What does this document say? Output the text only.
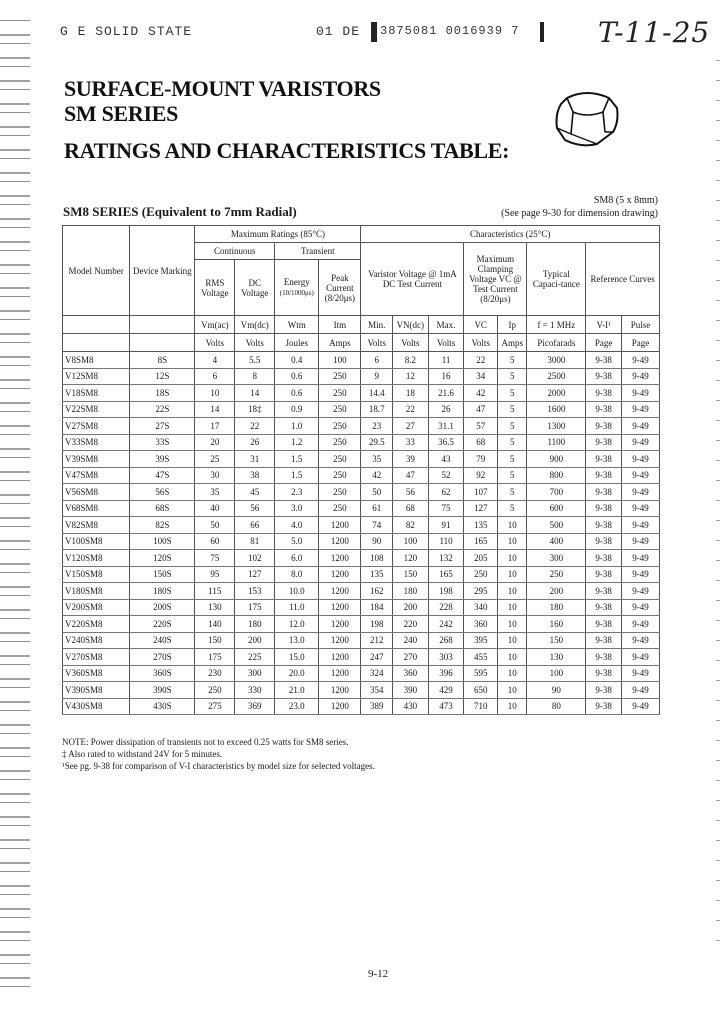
G E SOLID STATE	01 DE 3875081 0016939 7	T-11-25
SURFACE-MOUNT VARISTORS
SM SERIES
RATINGS AND CHARACTERISTICS TABLE:
SM8 (5 x 8mm)
(See page 9-30 for dimension drawing)
SM8 SERIES (Equivalent to 7mm Radial)
Model Number	Device Marking	Maximum Ratings (85°C)				Characteristics (25°C)							
		Continuous		Transient		Varistor Voltage @ 1mA DC Test Current			Maximum Clamping Voltage VC @ Test Current (8/20μs)		Typical Capaci-tance	Reference Curves	
		RMS Voltage	DC Voltage	Energy
(10/1000μs)	Peak Current
(8/20μs)								
		Vm(ac)	Vm(dc)	Wtm	Itm	Min.	VN(dc)	Max.	VC	Ip	f = 1 MHz	V-I¹	Pulse
		Volts	Volts	Joules	Amps	Volts	Volts	Volts	Volts	Amps	Picofarads	Page	Page
V8SM8	8S	4	5.5	0.4	100	6	8.2	11	22	5	3000	9-38	9-49
V12SM8	12S	6	8	0.6	250	9	12	16	34	5	2500	9-38	9-49
V18SM8	18S	10	14	0.6	250	14.4	18	21.6	42	5	2000	9-38	9-49
V22SM8	22S	14	18‡	0.9	250	18.7	22	26	47	5	1600	9-38	9-49
V27SM8	27S	17	22	1.0	250	23	27	31.1	57	5	1300	9-38	9-49
V33SM8	33S	20	26	1.2	250	29.5	33	36.5	68	5	1100	9-38	9-49
V39SM8	39S	25	31	1.5	250	35	39	43	79	5	900	9-38	9-49
V47SM8	47S	30	38	1.5	250	42	47	52	92	5	800	9-38	9-49
V56SM8	56S	35	45	2.3	250	50	56	62	107	5	700	9-38	9-49
V68SM8	68S	40	56	3.0	250	61	68	75	127	5	600	9-38	9-49
V82SM8	82S	50	66	4.0	1200	74	82	91	135	10	500	9-38	9-49
V100SM8	100S	60	81	5.0	1200	90	100	110	165	10	400	9-38	9-49
V120SM8	120S	75	102	6.0	1200	108	120	132	205	10	300	9-38	9-49
V150SM8	150S	95	127	8.0	1200	135	150	165	250	10	250	9-38	9-49
V180SM8	180S	115	153	10.0	1200	162	180	198	295	10	200	9-38	9-49
V200SM8	200S	130	175	11.0	1200	184	200	228	340	10	180	9-38	9-49
V220SM8	220S	140	180	12.0	1200	198	220	242	360	10	160	9-38	9-49
V240SM8	240S	150	200	13.0	1200	212	240	268	395	10	150	9-38	9-49
V270SM8	270S	175	225	15.0	1200	247	270	303	455	10	130	9-38	9-49
V360SM8	360S	230	300	20.0	1200	324	360	396	595	10	100	9-38	9-49
V390SM8	390S	250	330	21.0	1200	354	390	429	650	10	90	9-38	9-49
V430SM8	430S	275	369	23.0	1200	389	430	473	710	10	80	9-38	9-49
NOTE: Power dissipation of transients not to exceed 0.25 watts for SM8 series.
‡ Also rated to withstand 24V for 5 minutes.
¹See pg. 9-38 for comparison of V-I characteristics by model size for selected voltages.
9-12
